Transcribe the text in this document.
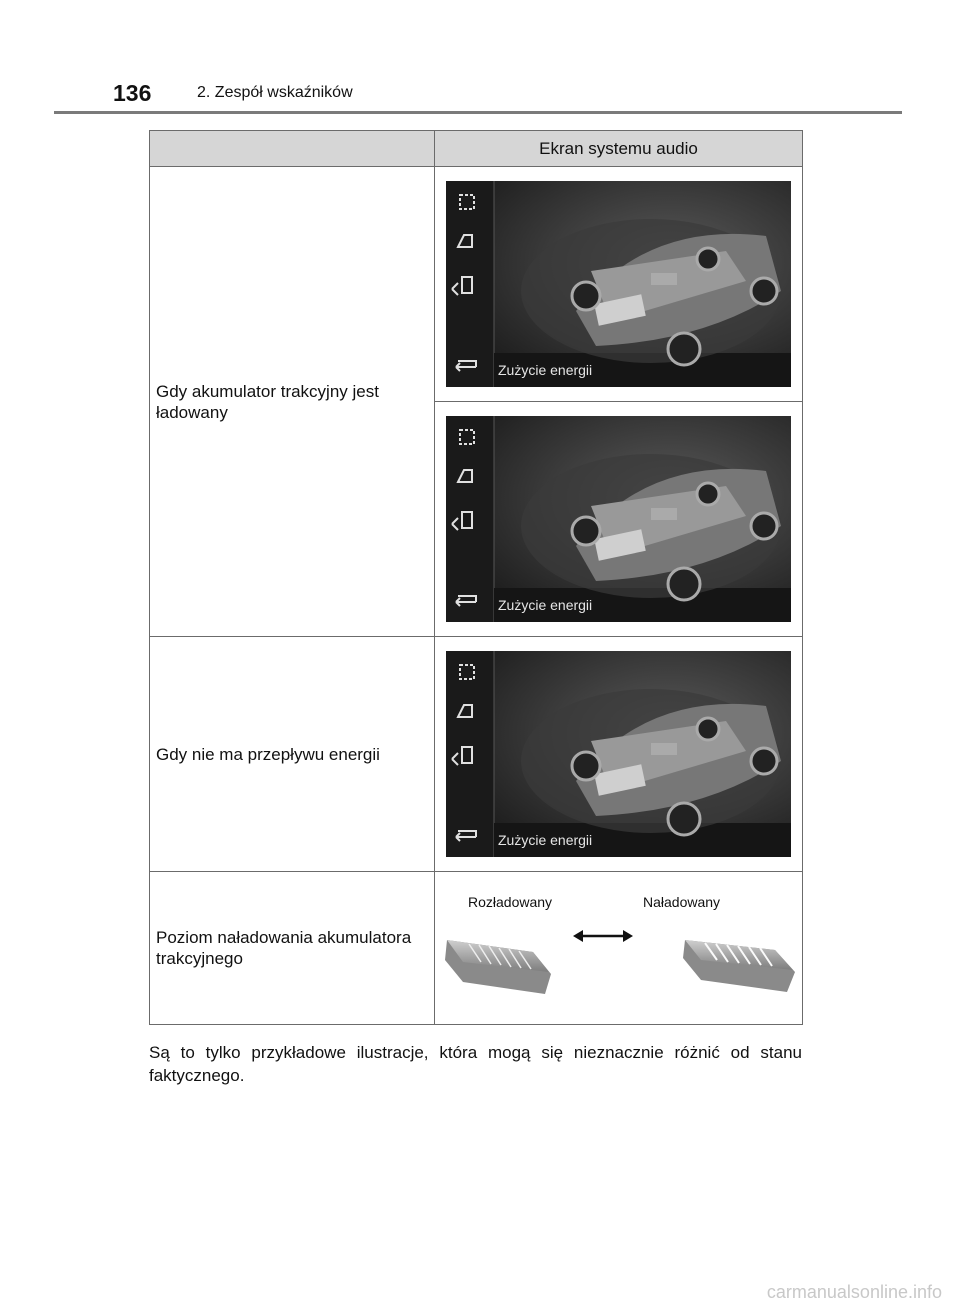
136	2. Zespół wskaźników
	Ekran systemu audio
Gdy akumulator trakcyjny jest ładowany	

Gdy nie ma przepływu energii	

Poziom naładowania akumulatora trakcyjnego	Rozładowany Naładowany
Są to tylko przykładowe ilustracje, która mogą się nieznacznie różnić od stanu faktycznego.
carmanualsonline.info
